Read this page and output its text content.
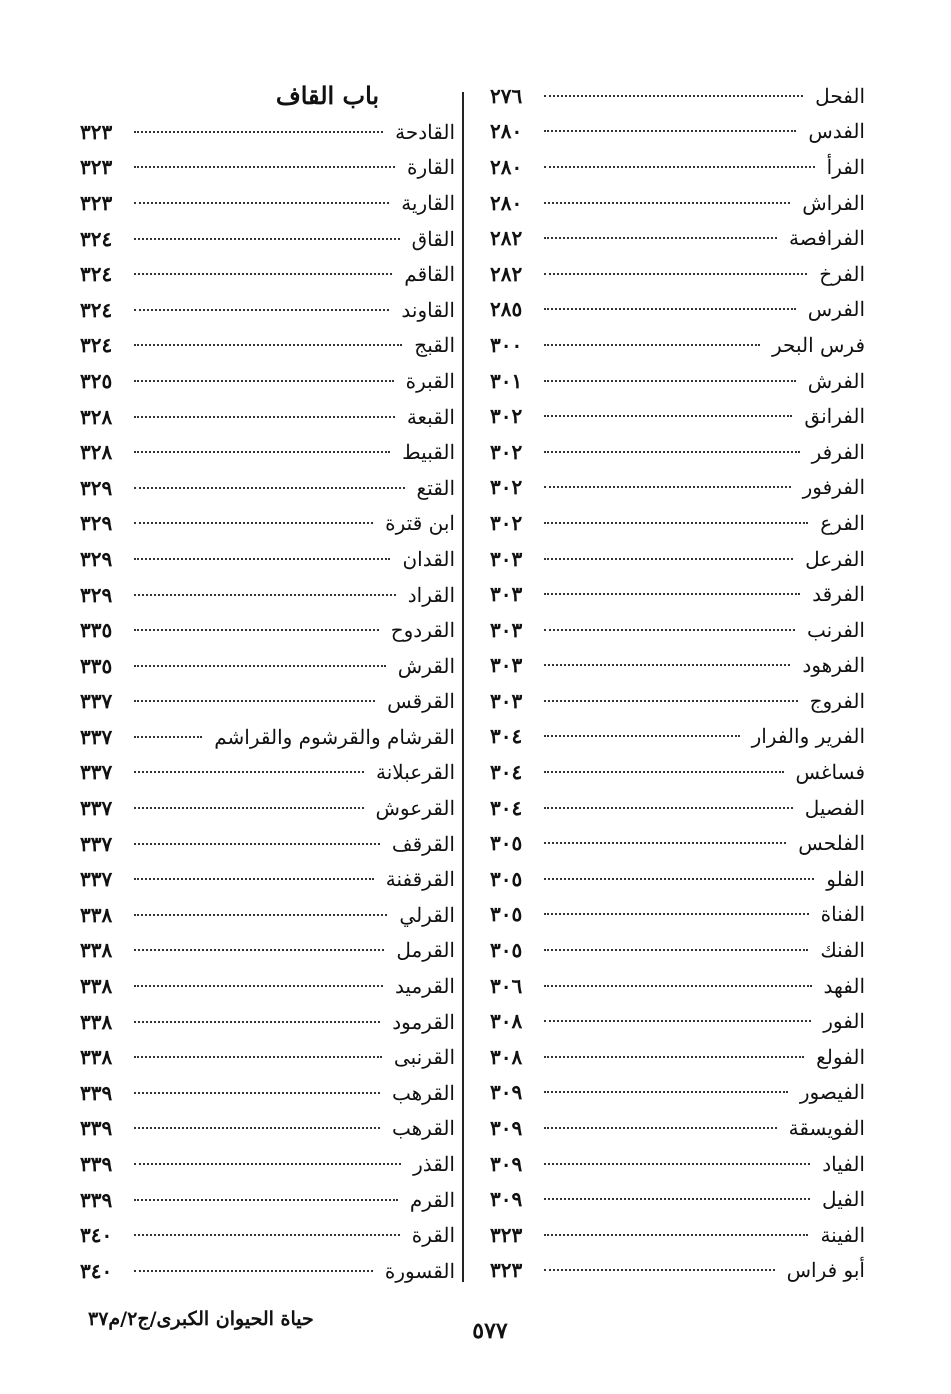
الفحل
٢٧٦
الفدس
٢٨٠
الفرأ
٢٨٠
الفراش
٢٨٠
الفرافصة
٢٨٢
الفرخ
٢٨٢
الفرس
٢٨٥
فرس البحر
٣٠٠
الفرش
٣٠١
الفرانق
٣٠٢
الفرفر
٣٠٢
الفرفور
٣٠٢
الفرع
٣٠٢
الفرعل
٣٠٣
الفرقد
٣٠٣
الفرنب
٣٠٣
الفرهود
٣٠٣
الفروج
٣٠٣
الفرير والفرار
٣٠٤
فساغس
٣٠٤
الفصيل
٣٠٤
الفلحس
٣٠٥
الفلو
٣٠٥
الفناة
٣٠٥
الفنك
٣٠٥
الفهد
٣٠٦
الفور
٣٠٨
الفولع
٣٠٨
الفيصور
٣٠٩
الفويسقة
٣٠٩
الفياد
٣٠٩
الفيل
٣٠٩
الفينة
٣٢٣
أبو فراس
٣٢٣
باب القاف
القادحة
٣٢٣
القارة
٣٢٣
القارية
٣٢٣
القاق
٣٢٤
القاقم
٣٢٤
القاوند
٣٢٤
القبج
٣٢٤
القبرة
٣٢٥
القبعة
٣٢٨
القبيط
٣٢٨
القتع
٣٢٩
ابن قترة
٣٢٩
القدان
٣٢٩
القراد
٣٢٩
القردوح
٣٣٥
القرش
٣٣٥
القرقس
٣٣٧
القرشام والقرشوم والقراشم
٣٣٧
القرعبلانة
٣٣٧
القرعوش
٣٣٧
القرقف
٣٣٧
القرقفنة
٣٣٧
القرلي
٣٣٨
القرمل
٣٣٨
القرميد
٣٣٨
القرمود
٣٣٨
القرنبى
٣٣٨
القرهب
٣٣٩
القرهب
٣٣٩
القذر
٣٣٩
القرم
٣٣٩
القرة
٣٤٠
القسورة
٣٤٠
حياة الحيوان الكبرى/ج٢/م٣٧	٥٧٧
